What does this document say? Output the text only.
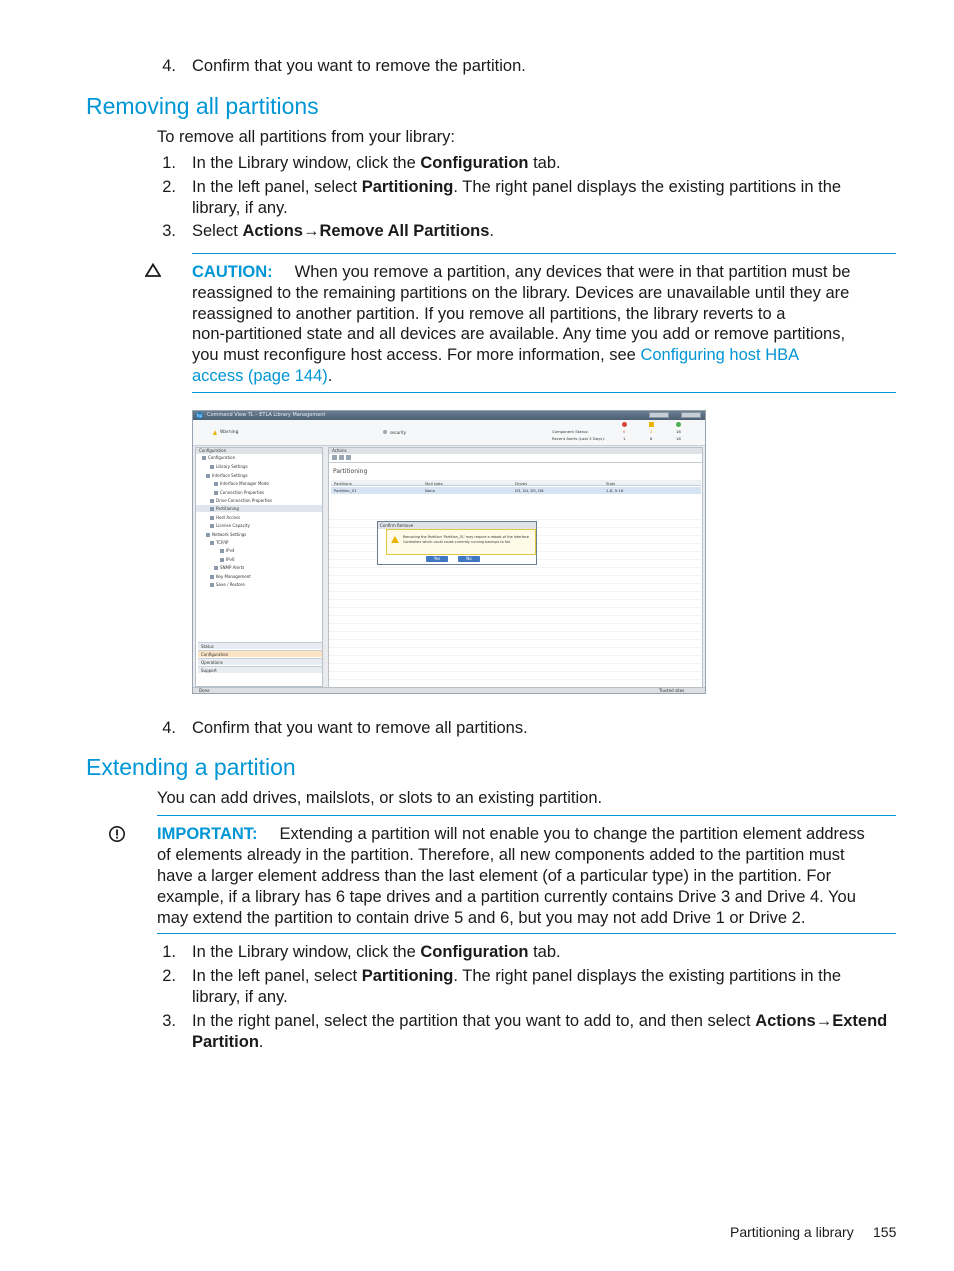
4. Confirm that you want to remove the partition.
Removing all partitions
To remove all partitions from your library:
1. In the Library window, click the Configuration tab.
2. In the left panel, select Partitioning. The right panel displays the existing partitions in the
library, if any.
3. Select Actions→Remove All Partitions.
CAUTION: When you remove a partition, any devices that were in that partition must be
reassigned to the remaining partitions on the library. Devices are unavailable until they are
reassigned to another partition. If you remove all partitions, the library reverts to a
non-partitioned state and all devices are available. Any time you add or remove partitions,
you must reconfigure host access. For more information, see Configuring host HBA
access (page 144).
hp Command View TL – ETLA Library Management
Warning	security	Component Status:
Recent Alerts (Last 3 Days):
0	2	18
1	8	18
Configuration
Configuration
Library Settings
Interface Settings
Interface Manager Mode
Connection Properties
Drive Connection Properties
Partitioning
Host Access
License Capacity
Network Settings
TCP/IP
IPv4
IPv6
SNMP Alerts
Key Management
Save / Restore
Status
Configuration
Operations
Support
Actions
Partitioning
Partitions	Mail slots	Drives	Slots
Partition_01	None	D3, D4, D5, D6	1-8, 9-16
Confirm Remove
Removing the Partition 'Partition_01' may require a reboot of the Interface Controllers which could cause currently running backups to fail.
Yes	No
Done	Trusted sites
4. Confirm that you want to remove all partitions.
Extending a partition
You can add drives, mailslots, or slots to an existing partition.
IMPORTANT: Extending a partition will not enable you to change the partition element address
of elements already in the partition. Therefore, all new components added to the partition must
have a larger element address than the last element (of a particular type) in the partition. For
example, if a library has 6 tape drives and a partition currently contains Drive 3 and Drive 4. You
may extend the partition to contain drive 5 and 6, but you may not add Drive 1 or Drive 2.
1. In the Library window, click the Configuration tab.
2. In the left panel, select Partitioning. The right panel displays the existing partitions in the
library, if any.
3. In the right panel, select the partition that you want to add to, and then select Actions→Extend
Partition.
Partitioning a library 155
